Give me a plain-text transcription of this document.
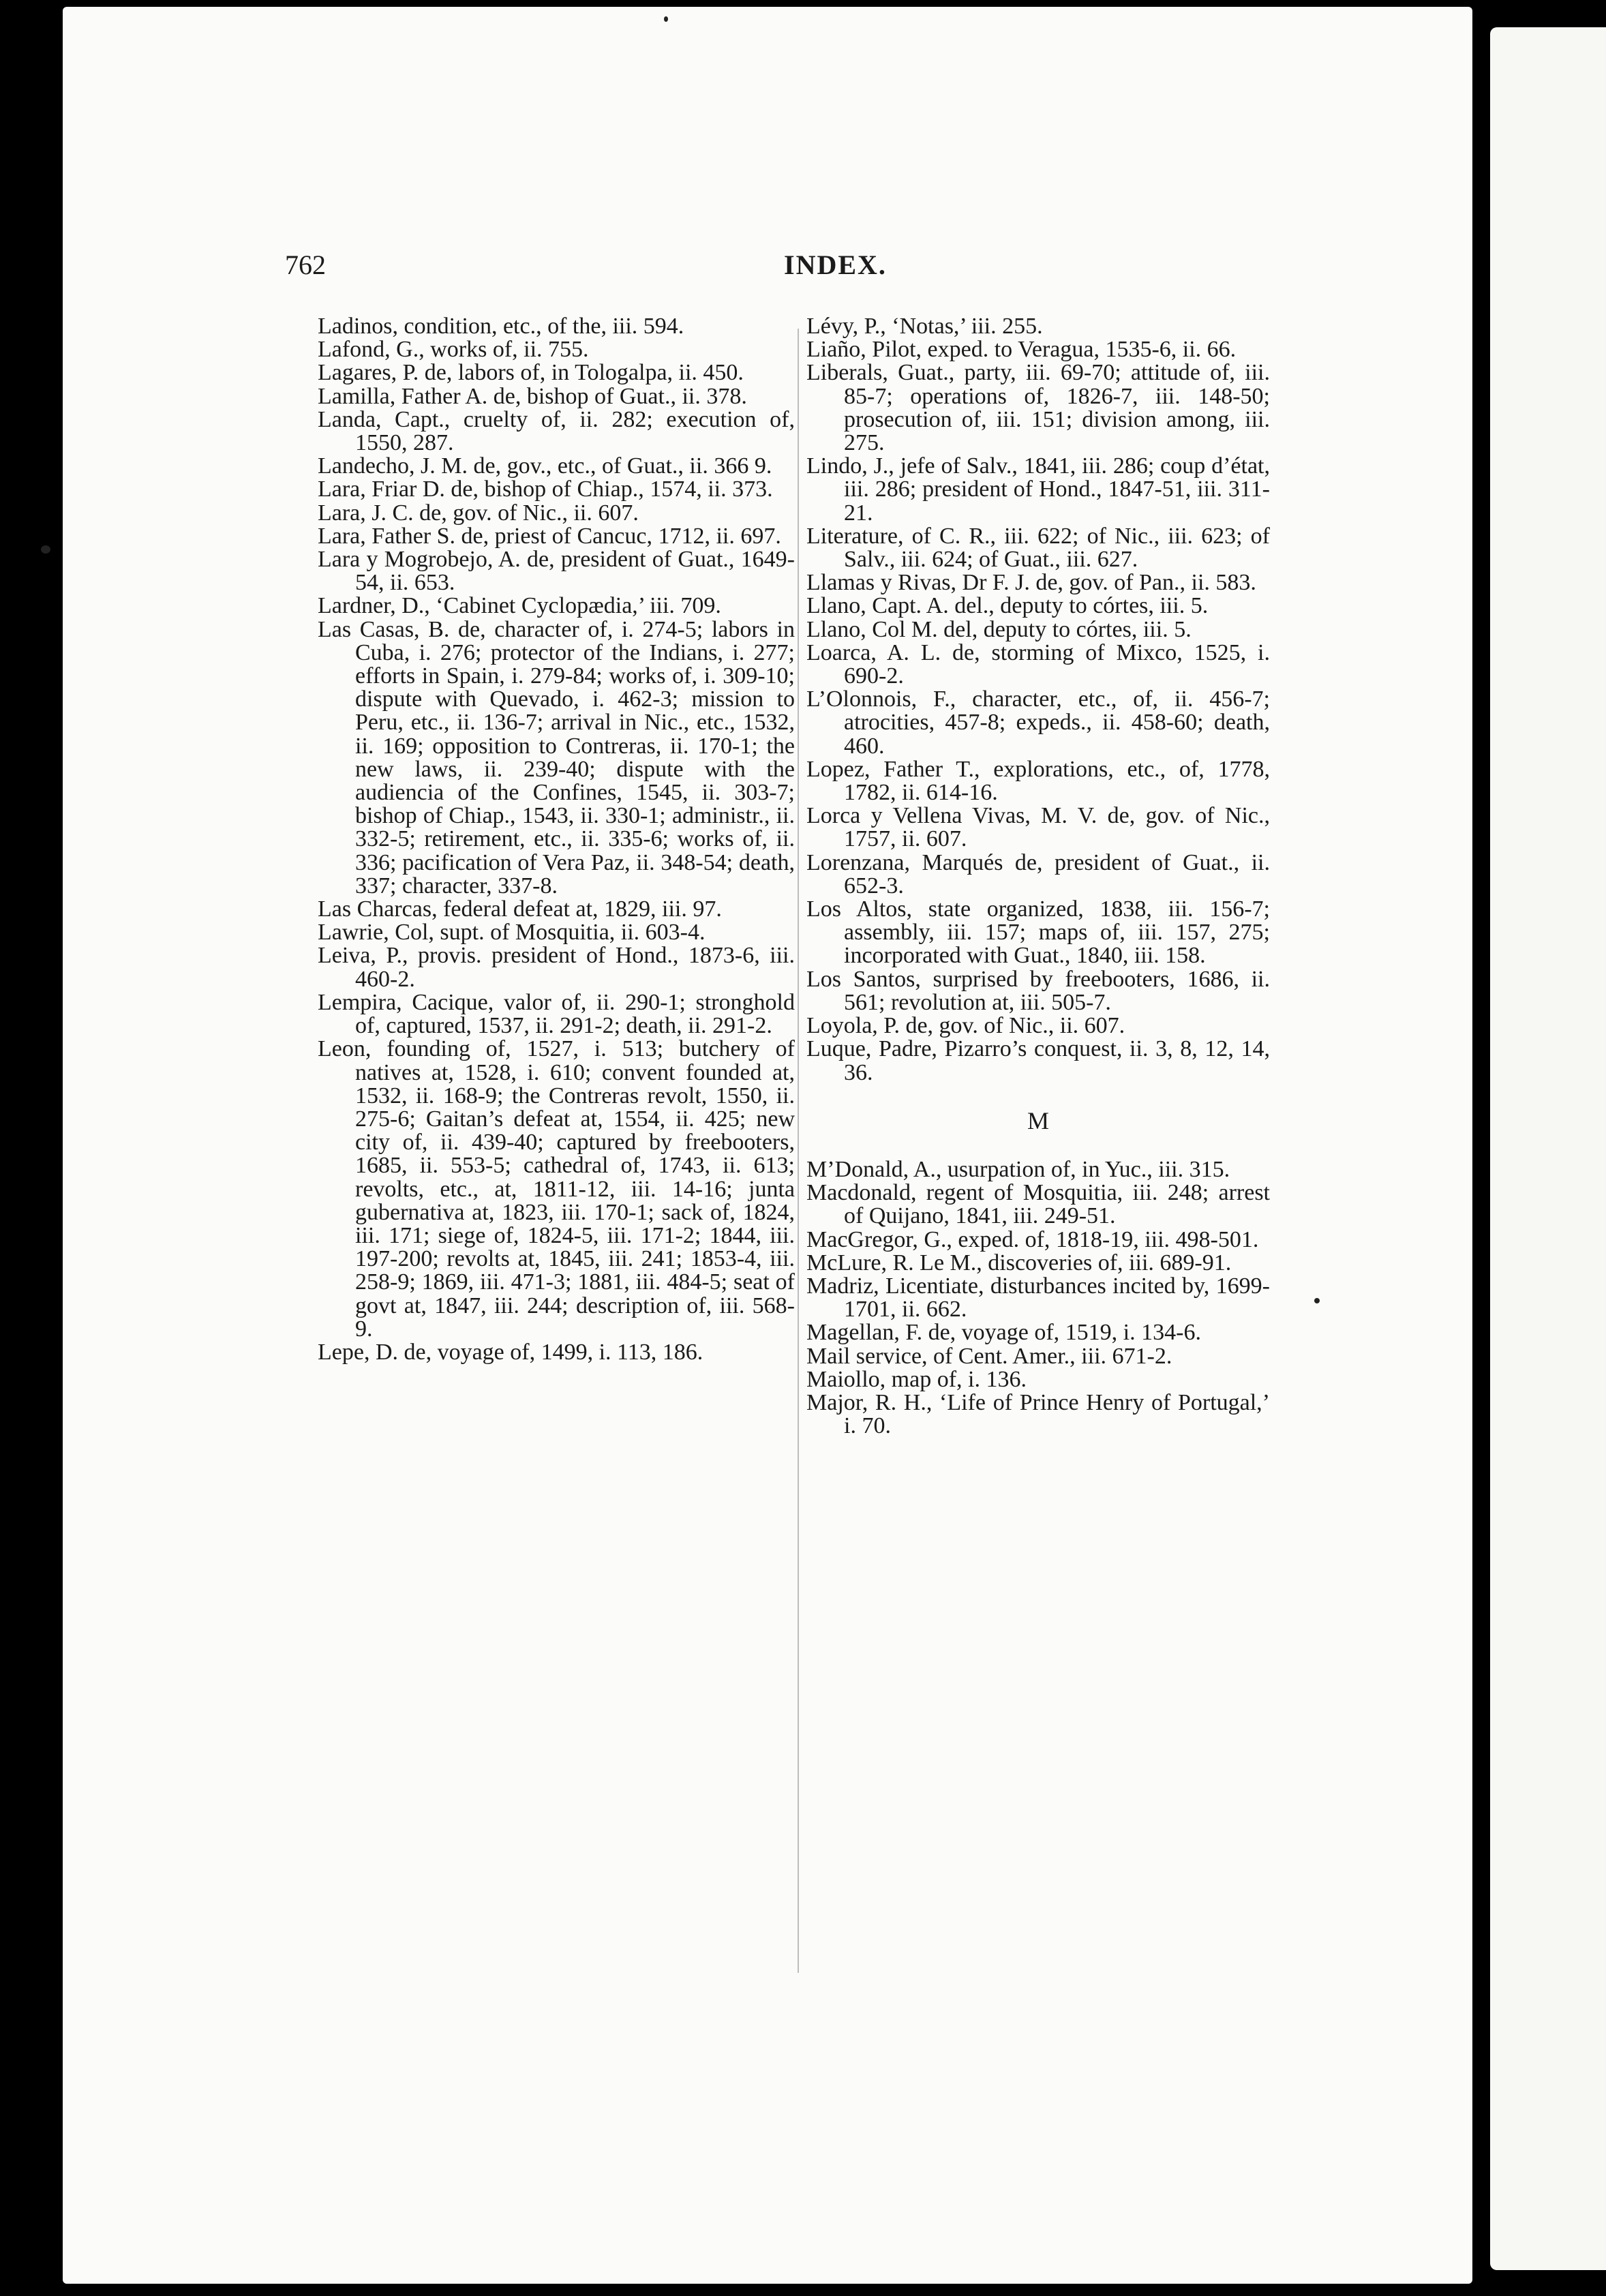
762	INDEX.

Ladinos, condition, etc., of the, iii. 594.

Lafond, G., works of, ii. 755.

Lagares, P. de, labors of, in Tologalpa, ii. 450.

Lamilla, Father A. de, bishop of Guat., ii. 378.

Landa, Capt., cruelty of, ii. 282; execution of, 1550, 287.

Landecho, J. M. de, gov., etc., of Guat., ii. 366 9.

Lara, Friar D. de, bishop of Chiap., 1574, ii. 373.

Lara, J. C. de, gov. of Nic., ii. 607.

Lara, Father S. de, priest of Cancuc, 1712, ii. 697.

Lara y Mogrobejo, A. de, president of Guat., 1649-54, ii. 653.

Lardner, D., ‘Cabinet Cyclopædia,’ iii. 709.

Las Casas, B. de, character of, i. 274-5; labors in Cuba, i. 276; protector of the Indians, i. 277; efforts in Spain, i. 279-84; works of, i. 309-10; dispute with Quevado, i. 462-3; mission to Peru, etc., ii. 136-7; arrival in Nic., etc., 1532, ii. 169; opposition to Contreras, ii. 170-1; the new laws, ii. 239-40; dispute with the audiencia of the Confines, 1545, ii. 303-7; bishop of Chiap., 1543, ii. 330-1; administr., ii. 332-5; retirement, etc., ii. 335-6; works of, ii. 336; pacification of Vera Paz, ii. 348-54; death, 337; character, 337-8.

Las Charcas, federal defeat at, 1829, iii. 97.

Lawrie, Col, supt. of Mosquitia, ii. 603-4.

Leiva, P., provis. president of Hond., 1873-6, iii. 460-2.

Lempira, Cacique, valor of, ii. 290-1; stronghold of, captured, 1537, ii. 291-2; death, ii. 291-2.

Leon, founding of, 1527, i. 513; butchery of natives at, 1528, i. 610; convent founded at, 1532, ii. 168-9; the Contreras revolt, 1550, ii. 275-6; Gaitan’s defeat at, 1554, ii. 425; new city of, ii. 439-40; captured by freebooters, 1685, ii. 553-5; cathedral of, 1743, ii. 613; revolts, etc., at, 1811-12, iii. 14-16; junta gubernativa at, 1823, iii. 170-1; sack of, 1824, iii. 171; siege of, 1824-5, iii. 171-2; 1844, iii. 197-200; revolts at, 1845, iii. 241; 1853-4, iii. 258-9; 1869, iii. 471-3; 1881, iii. 484-5; seat of govt at, 1847, iii. 244; description of, iii. 568-9.

Lepe, D. de, voyage of, 1499, i. 113, 186.

Lévy, P., ‘Notas,’ iii. 255.

Liaño, Pilot, exped. to Veragua, 1535-6, ii. 66.

Liberals, Guat., party, iii. 69-70; attitude of, iii. 85-7; operations of, 1826-7, iii. 148-50; prosecution of, iii. 151; division among, iii. 275.

Lindo, J., jefe of Salv., 1841, iii. 286; coup d’état, iii. 286; president of Hond., 1847-51, iii. 311-21.

Literature, of C. R., iii. 622; of Nic., iii. 623; of Salv., iii. 624; of Guat., iii. 627.

Llamas y Rivas, Dr F. J. de, gov. of Pan., ii. 583.

Llano, Capt. A. del., deputy to córtes, iii. 5.

Llano, Col M. del, deputy to córtes, iii. 5.

Loarca, A. L. de, storming of Mixco, 1525, i. 690-2.

L’Olonnois, F., character, etc., of, ii. 456-7; atrocities, 457-8; expeds., ii. 458-60; death, 460.

Lopez, Father T., explorations, etc., of, 1778, 1782, ii. 614-16.

Lorca y Vellena Vivas, M. V. de, gov. of Nic., 1757, ii. 607.

Lorenzana, Marqués de, president of Guat., ii. 652-3.

Los Altos, state organized, 1838, iii. 156-7; assembly, iii. 157; maps of, iii. 157, 275; incorporated with Guat., 1840, iii. 158.

Los Santos, surprised by freebooters, 1686, ii. 561; revolution at, iii. 505-7.

Loyola, P. de, gov. of Nic., ii. 607.

Luque, Padre, Pizarro’s conquest, ii. 3, 8, 12, 14, 36.

M

M’Donald, A., usurpation of, in Yuc., iii. 315.

Macdonald, regent of Mosquitia, iii. 248; arrest of Quijano, 1841, iii. 249-51.

MacGregor, G., exped. of, 1818-19, iii. 498-501.

McLure, R. Le M., discoveries of, iii. 689-91.

Madriz, Licentiate, disturbances incited by, 1699-1701, ii. 662.

Magellan, F. de, voyage of, 1519, i. 134-6.

Mail service, of Cent. Amer., iii. 671-2.

Maiollo, map of, i. 136.

Major, R. H., ‘Life of Prince Henry of Portugal,’ i. 70.
